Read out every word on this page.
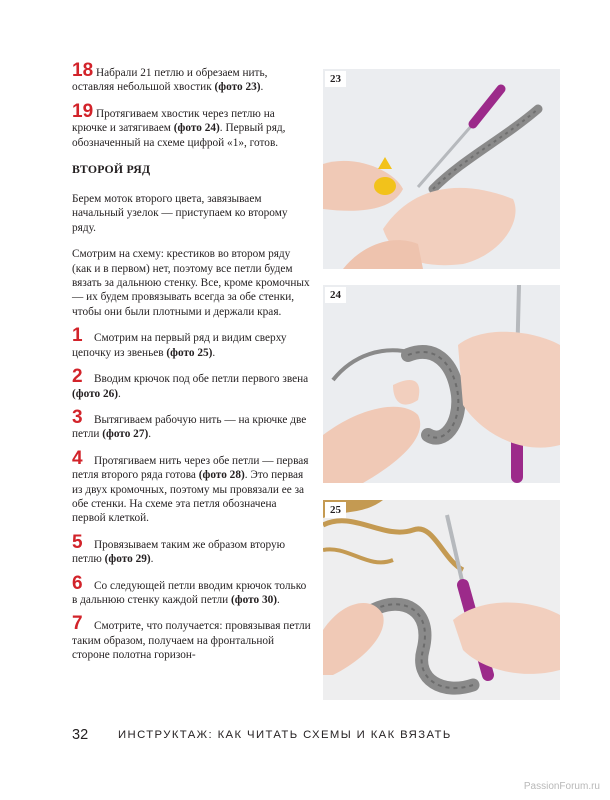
18 Набрали 21 петлю и обрезаем нить, оставляя небольшой хвостик (фото 23).
19 Протягиваем хвостик через петлю на крючке и затягиваем (фото 24). Первый ряд, обозначенный на схеме цифрой «1», готов.
ВТОРОЙ РЯД
Берем моток второго цвета, завязываем начальный узелок — приступаем ко второму ряду.
Смотрим на схему: крестиков во втором ряду (как и в первом) нет, поэтому все петли будем вязать за дальнюю стенку. Все, кроме кромочных — их будем провязывать всегда за обе стенки, чтобы они были плотными и держали края.
1	Смотрим на первый ряд и видим сверху цепочку из звеньев (фото 25).
2	Вводим крючок под обе петли первого звена (фото 26).
3	Вытягиваем рабочую нить — на крючке две петли (фото 27).
4	Протягиваем нить через обе петли — первая петля второго ряда готова (фото 28). Это первая из двух кромочных, поэтому мы провязали ее за обе стенки. На схеме эта петля обозначена первой клеткой.
5	Провязываем таким же образом вторую петлю (фото 29).
6	Со следующей петли вводим крючок только в дальнюю стенку каждой петли (фото 30).
7	Смотрите, что получается: провязывая петли таким образом, получаем на фронтальной стороне полотна горизон-
23
24
25
32	ИНСТРУКТАЖ: КАК ЧИТАТЬ СХЕМЫ И КАК ВЯЗАТЬ
PassionForum.ru
